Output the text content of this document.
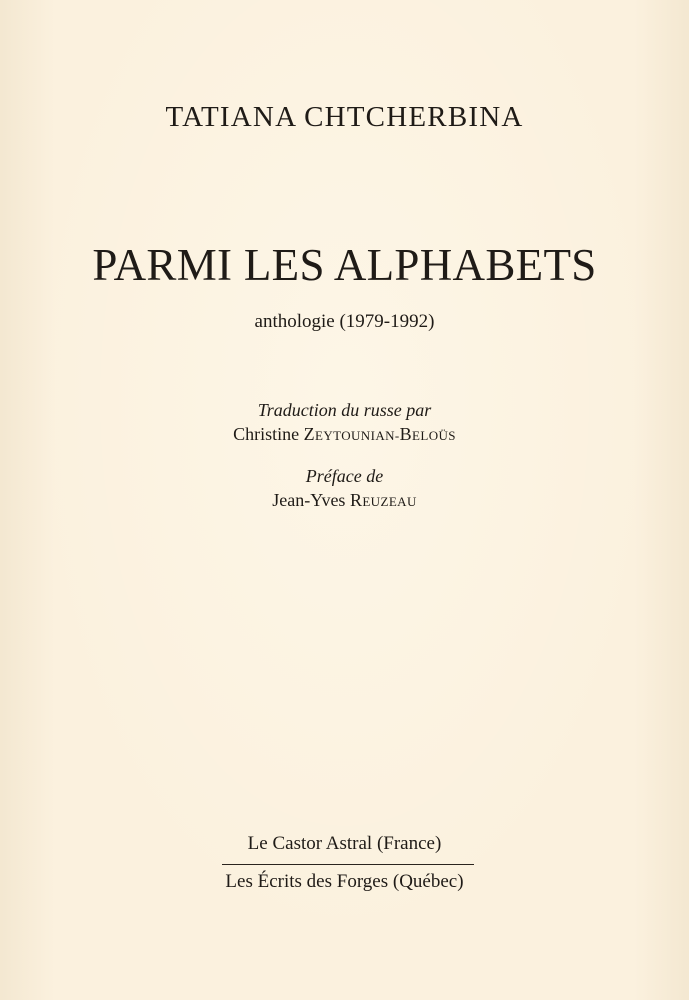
TATIANA CHTCHERBINA
PARMI LES ALPHABETS
anthologie (1979-1992)
Traduction du russe par
Christine ZEYTOUNIAN-BELOÜS
Préface de
Jean-Yves REUZEAU
Le Castor Astral (France)
Les Écrits des Forges (Québec)
